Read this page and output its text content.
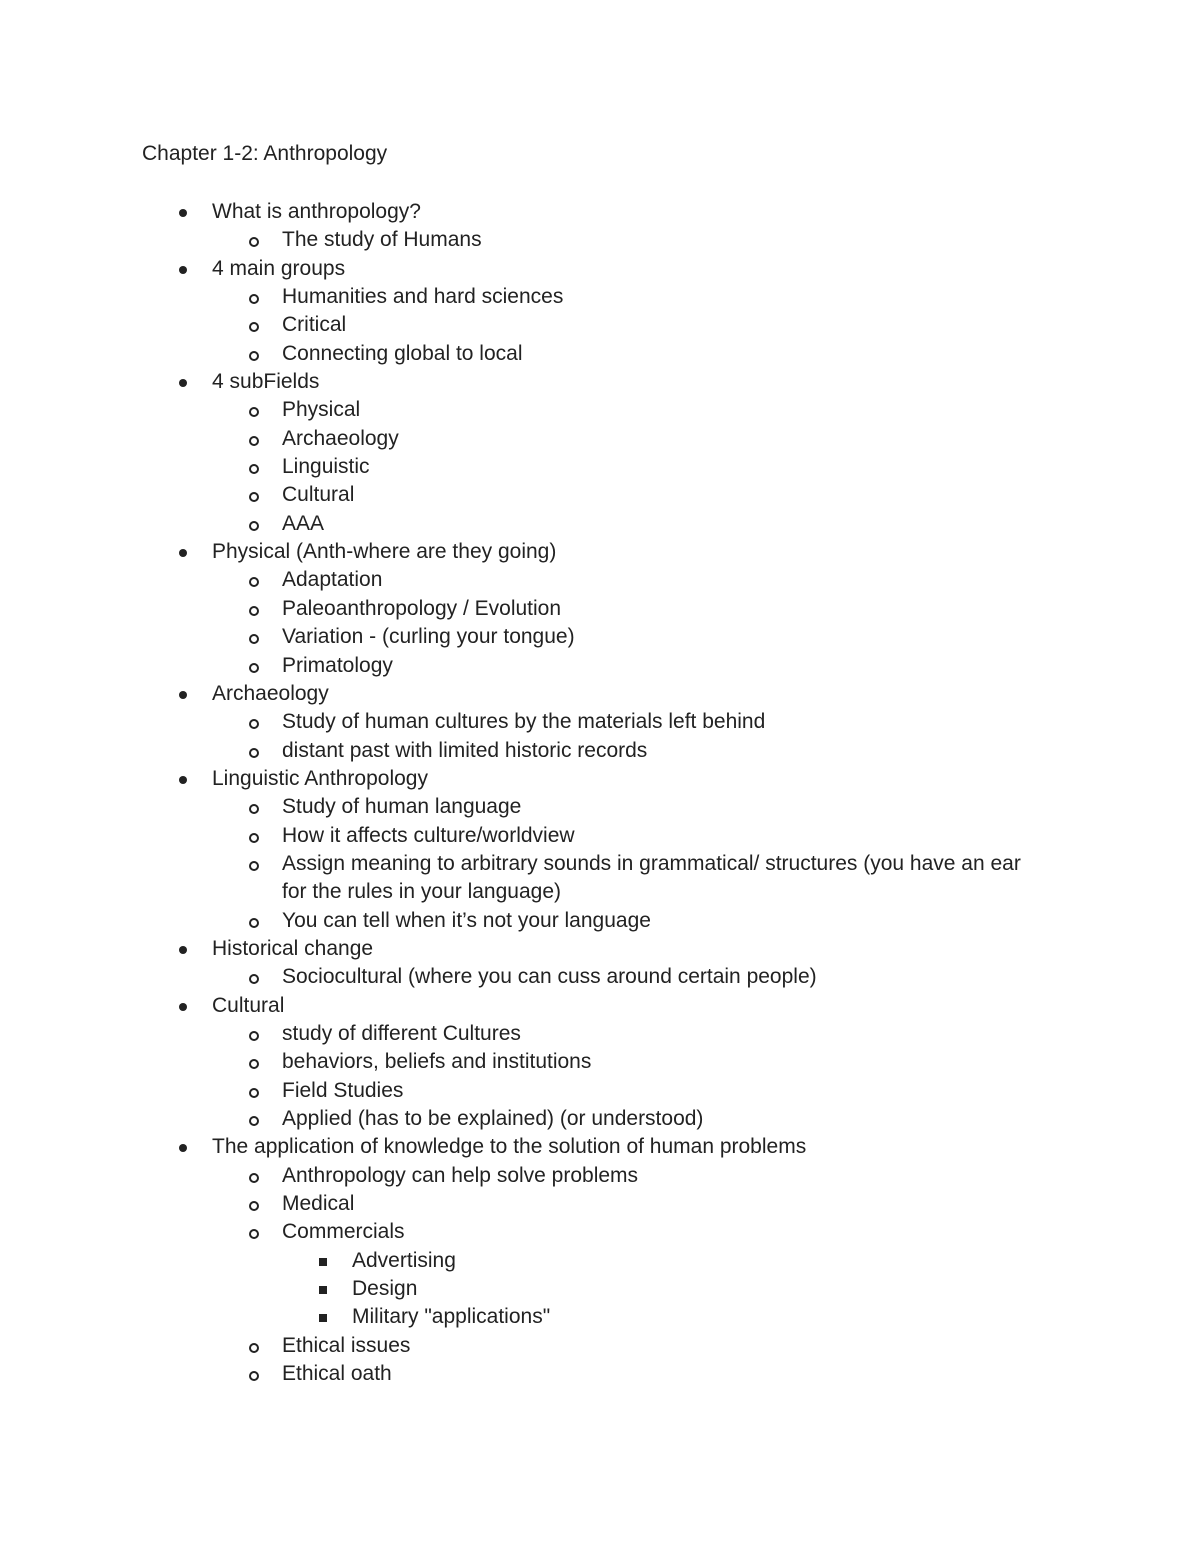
Chapter 1-2: Anthropology
What is anthropology?
The study of Humans
4 main groups
Humanities and hard sciences
Critical
Connecting global to local
4 subFields
Physical
Archaeology
Linguistic
Cultural
AAA
Physical (Anth-where are they going)
Adaptation
Paleoanthropology / Evolution
Variation - (curling your tongue)
Primatology
Archaeology
Study of human cultures by the materials left behind
distant past with limited historic records
Linguistic Anthropology
Study of human language
How it affects culture/worldview
Assign meaning to arbitrary sounds in grammatical/ structures (you have an ear
for the rules in your language)
You can tell when it’s not your language
Historical change
Sociocultural (where you can cuss around certain people)
Cultural
study of different Cultures
behaviors, beliefs and institutions
Field Studies
Applied (has to be explained) (or understood)
The application of knowledge to the solution of human problems
Anthropology can help solve problems
Medical
Commercials
Advertising
Design
Military "applications"
Ethical issues
Ethical oath
